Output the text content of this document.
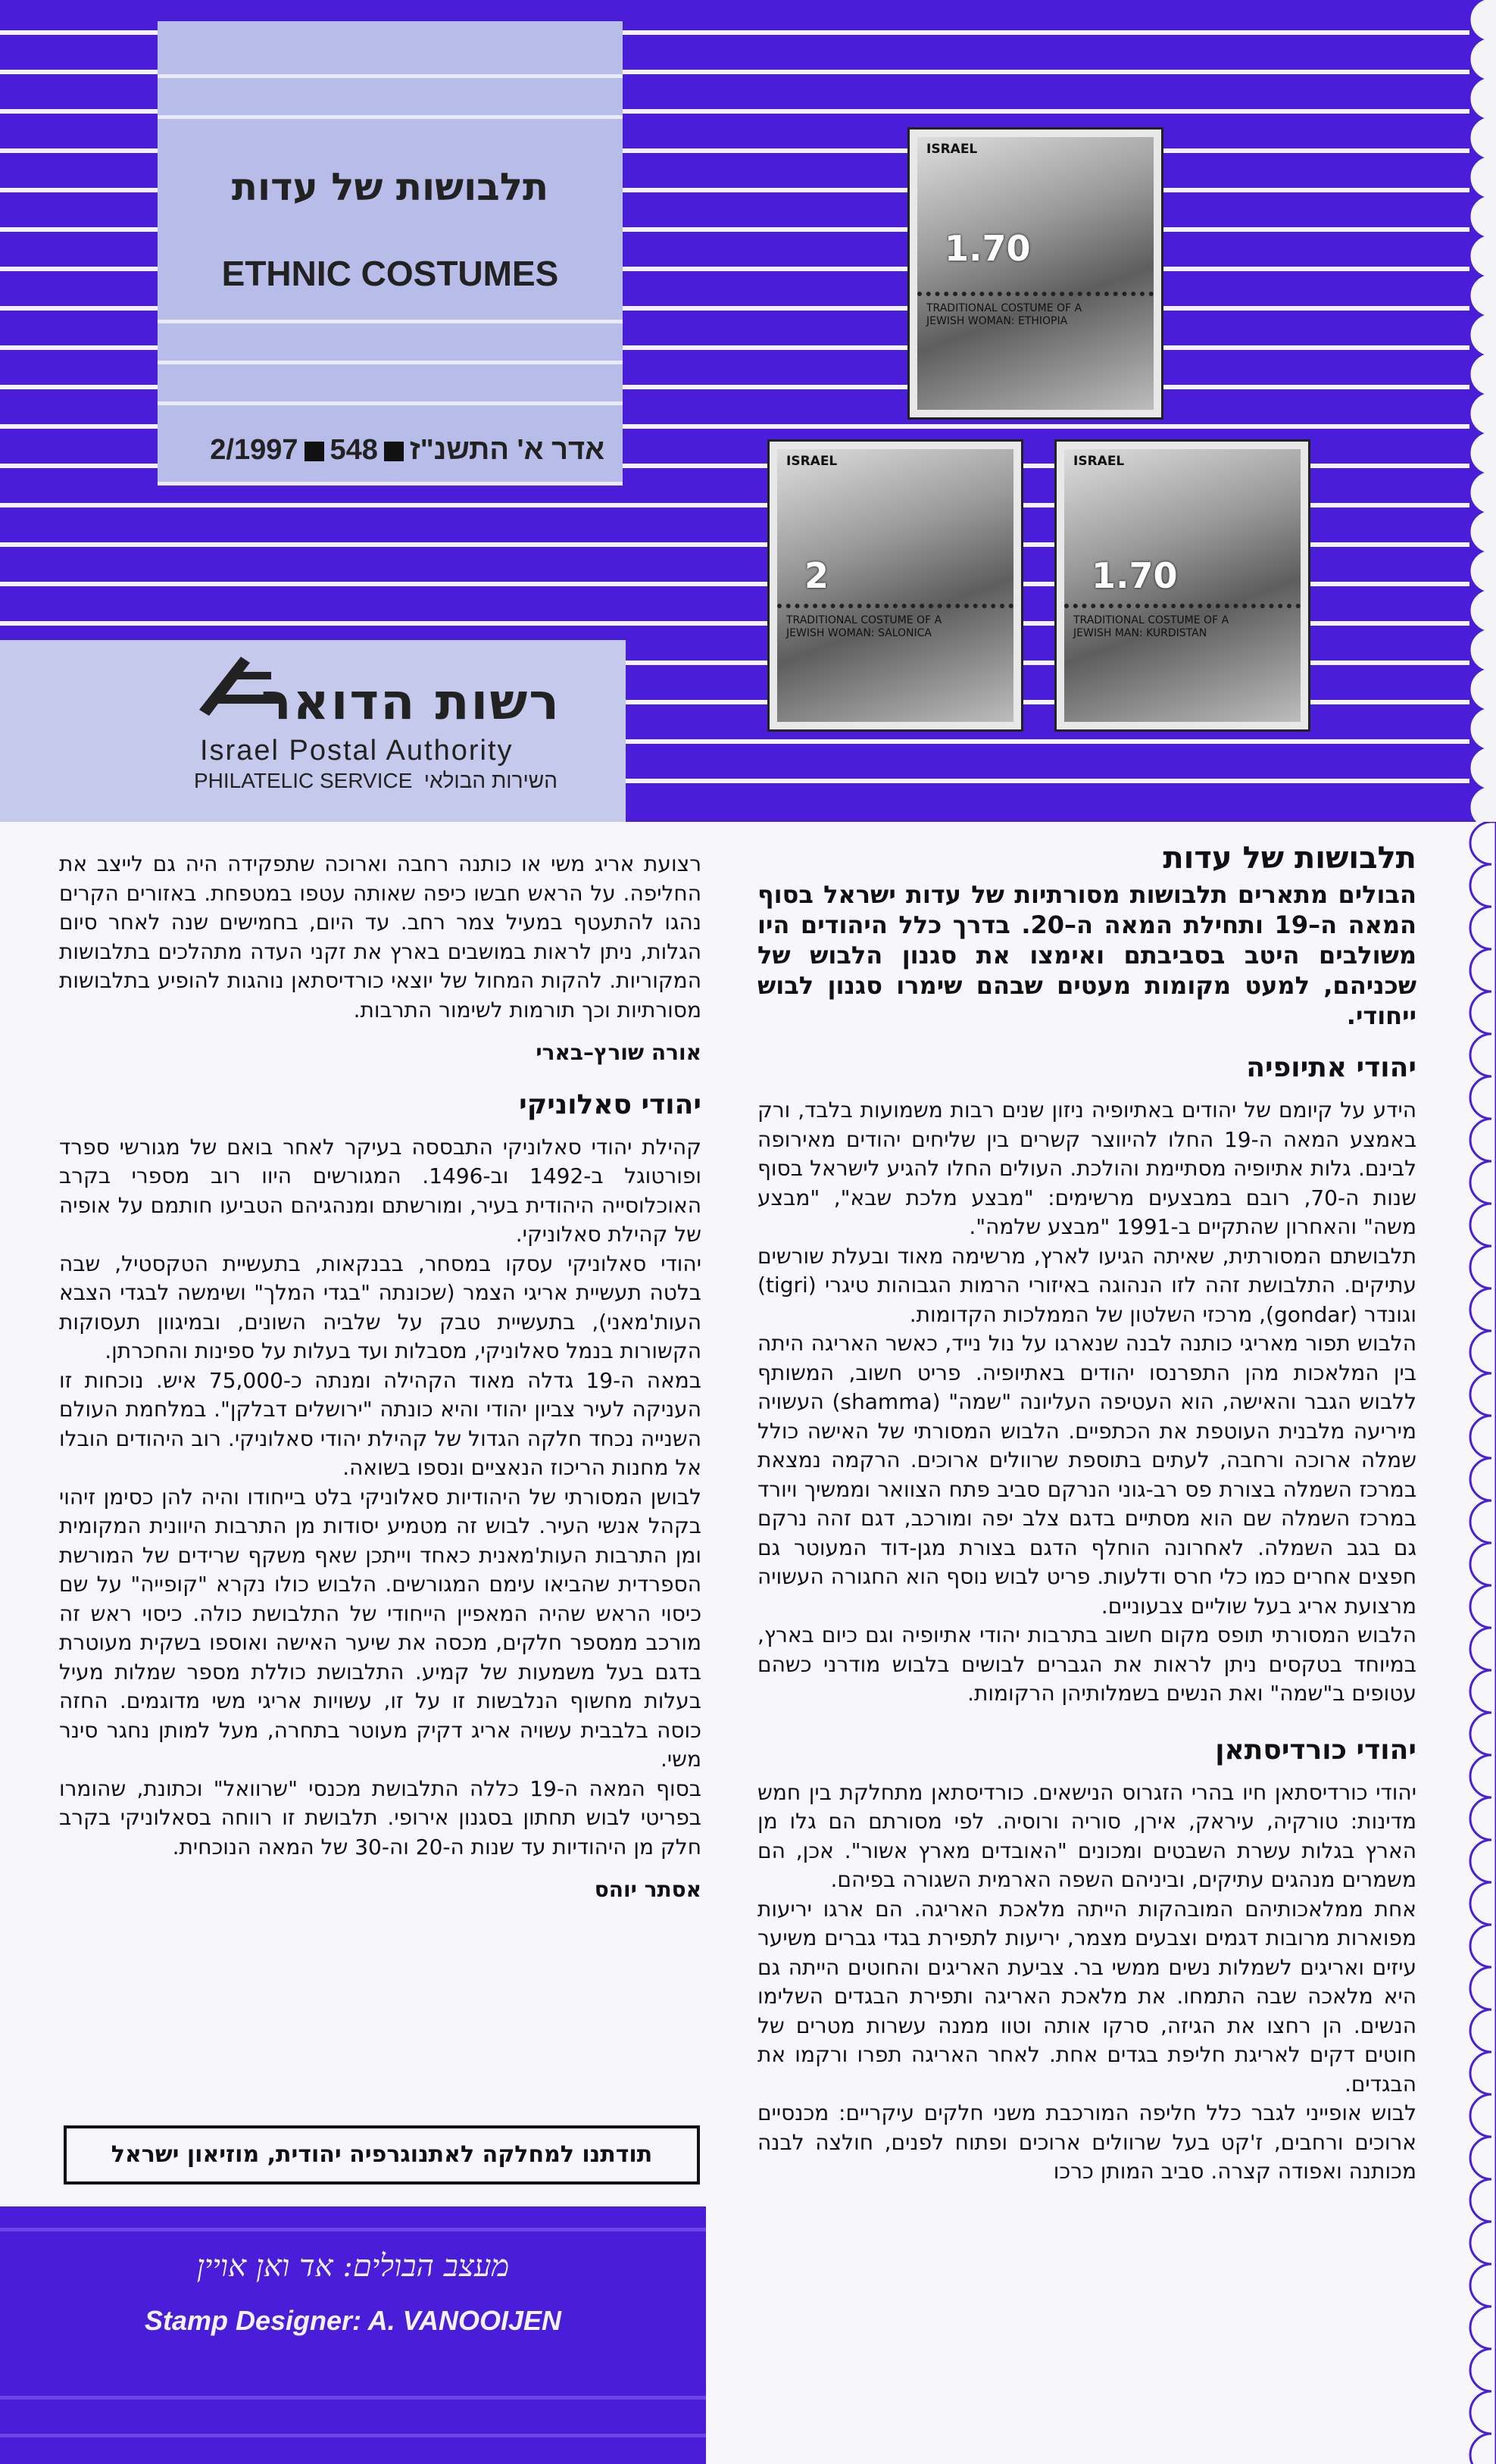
תלבושות של עדות
ETHNIC COSTUMES
אדר א' התשנ"ז2/1997 548
ISRAEL
1.70
TRADITIONAL COSTUME OF A JEWISH WOMAN: ETHIOPIA
ISRAEL
2
TRADITIONAL COSTUME OF A JEWISH WOMAN: SALONICA
ISRAEL
1.70
TRADITIONAL COSTUME OF A JEWISH MAN: KURDISTAN
רשות הדואר
Israel Postal Authority
PHILATELIC SERVICE השירות הבולאי
תלבושות של עדות

הבולים מתארים תלבושות מסורתיות של עדות ישראל בסוף המאה ה–19 ותחילת המאה ה–20. בדרך כלל היהודים היו משולבים היטב בסביבתם ואימצו את סגנון הלבוש של שכניהם, למעט מקומות מעטים שבהם שימרו סגנון לבוש ייחודי.

יהודי אתיופיה

הידע על קיומם של יהודים באתיופיה ניזון שנים רבות משמועות בלבד, ורק באמצע המאה ה-19 החלו להיווצר קשרים בין שליחים יהודים מאירופה לבינם. גלות אתיופיה מסתיימת והולכת. העולים החלו להגיע לישראל בסוף שנות ה-70, רובם במבצעים מרשימים: "מבצע מלכת שבא", "מבצע משה" והאחרון שהתקיים ב-1991 "מבצע שלמה".

תלבושתם המסורתית, שאיתה הגיעו לארץ, מרשימה מאוד ובעלת שורשים עתיקים. התלבושת זהה לזו הנהוגה באיזורי הרמות הגבוהות טיגרי (tigri) וגונדר (gondar), מרכזי השלטון של הממלכות הקדומות.

הלבוש תפור מאריגי כותנה לבנה שנארגו על נול נייד, כאשר האריגה היתה בין המלאכות מהן התפרנסו יהודים באתיופיה. פריט חשוב, המשותף ללבוש הגבר והאישה, הוא העטיפה העליונה "שמה" (shamma) העשויה מיריעה מלבנית העוטפת את הכתפיים. הלבוש המסורתי של האישה כולל שמלה ארוכה ורחבה, לעתים בתוספת שרוולים ארוכים. הרקמה נמצאת במרכז השמלה בצורת פס רב-גוני הנרקם סביב פתח הצוואר וממשיך ויורד במרכז השמלה שם הוא מסתיים בדגם צלב יפה ומורכב, דגם זהה נרקם גם בגב השמלה. לאחרונה הוחלף הדגם בצורת מגן-דוד המעוטר גם חפצים אחרים כמו כלי חרס ודלעות. פריט לבוש נוסף הוא החגורה העשויה מרצועת אריג בעל שוליים צבעוניים.

הלבוש המסורתי תופס מקום חשוב בתרבות יהודי אתיופיה וגם כיום בארץ, במיוחד בטקסים ניתן לראות את הגברים לבושים בלבוש מודרני כשהם עטופים ב"שמה" ואת הנשים בשמלותיהן הרקומות.

יהודי כורדיסתאן

יהודי כורדיסתאן חיו בהרי הזגרוס הנישאים. כורדיסתאן מתחלקת בין חמש מדינות: טורקיה, עיראק, אירן, סוריה ורוסיה. לפי מסורתם הם גלו מן הארץ בגלות עשרת השבטים ומכונים "האובדים מארץ אשור". אכן, הם משמרים מנהגים עתיקים, וביניהם השפה הארמית השגורה בפיהם.

אחת ממלאכותיהם המובהקות הייתה מלאכת האריגה. הם ארגו יריעות מפוארות מרובות דגמים וצבעים מצמר, יריעות לתפירת בגדי גברים משיער עיזים ואריגים לשמלות נשים ממשי בר. צביעת האריגים והחוטים הייתה גם היא מלאכה שבה התמחו. את מלאכת האריגה ותפירת הבגדים השלימו הנשים. הן רחצו את הגיזה, סרקו אותה וטוו ממנה עשרות מטרים של חוטים דקים לאריגת חליפת בגדים אחת. לאחר האריגה תפרו ורקמו את הבגדים.

לבוש אופייני לגבר כלל חליפה המורכבת משני חלקים עיקריים: מכנסיים ארוכים ורחבים, ז'קט בעל שרוולים ארוכים ופתוח לפנים, חולצה לבנה מכותנה ואפודה קצרה. סביב המותן כרכו

רצועת אריג משי או כותנה רחבה וארוכה שתפקידה היה גם לייצב את החליפה. על הראש חבשו כיפה שאותה עטפו במטפחת. באזורים הקרים נהגו להתעטף במעיל צמר רחב. עד היום, בחמישים שנה לאחר סיום הגלות, ניתן לראות במושבים בארץ את זקני העדה מתהלכים בתלבושות המקוריות. להקות המחול של יוצאי כורדיסתאן נוהגות להופיע בתלבושות מסורתיות וכך תורמות לשימור התרבות.

אורה שורץ–בארי
יהודי סאלוניקי

קהילת יהודי סאלוניקי התבססה בעיקר לאחר בואם של מגורשי ספרד ופורטוגל ב-1492 וב-1496. המגורשים היוו רוב מספרי בקרב האוכלוסייה היהודית בעיר, ומורשתם ומנהגיהם הטביעו חותמם על אופיה של קהילת סאלוניקי.

יהודי סאלוניקי עסקו במסחר, בבנקאות, בתעשיית הטקסטיל, שבה בלטה תעשיית אריגי הצמר (שכונתה "בגדי המלך" ושימשה לבגדי הצבא העות'מאני), בתעשיית טבק על שלביה השונים, ובמיגוון תעסוקות הקשורות בנמל סאלוניקי, מסבלות ועד בעלות על ספינות והחכרתן.

במאה ה-19 גדלה מאוד הקהילה ומנתה כ-75,000 איש. נוכחות זו העניקה לעיר צביון יהודי והיא כונתה "ירושלים דבלקן". במלחמת העולם השנייה נכחד חלקה הגדול של קהילת יהודי סאלוניקי. רוב היהודים הובלו אל מחנות הריכוז הנאציים ונספו בשואה.

לבושן המסורתי של היהודיות סאלוניקי בלט בייחודו והיה להן כסימן זיהוי בקהל אנשי העיר. לבוש זה מטמיע יסודות מן התרבות היוונית המקומית ומן התרבות העות'מאנית כאחד וייתכן שאף משקף שרידים של המורשת הספרדית שהביאו עימם המגורשים. הלבוש כולו נקרא "קופייה" על שם כיסוי הראש שהיה המאפיין הייחודי של התלבושת כולה. כיסוי ראש זה מורכב ממספר חלקים, מכסה את שיער האישה ואוספו בשקית מעוטרת בדגם בעל משמעות של קמיע. התלבושת כוללת מספר שמלות מעיל בעלות מחשוף הנלבשות זו על זו, עשויות אריגי משי מדוגמים. החזה כוסה בלבבית עשויה אריג דקיק מעוטר בתחרה, מעל למותן נחגר סינר משי.

בסוף המאה ה-19 כללה התלבושת מכנסי "שרוואל" וכתונת, שהומרו בפריטי לבוש תחתון בסגנון אירופי. תלבושת זו רווחה בסאלוניקי בקרב חלק מן היהודיות עד שנות ה-20 וה-30 של המאה הנוכחית.

אסתר יוהס
תודתנו למחלקה לאתנוגרפיה יהודית, מוזיאון ישראל
מעצב הבולים: אד ואן אויין
Stamp Designer: A. VANOOIJEN
